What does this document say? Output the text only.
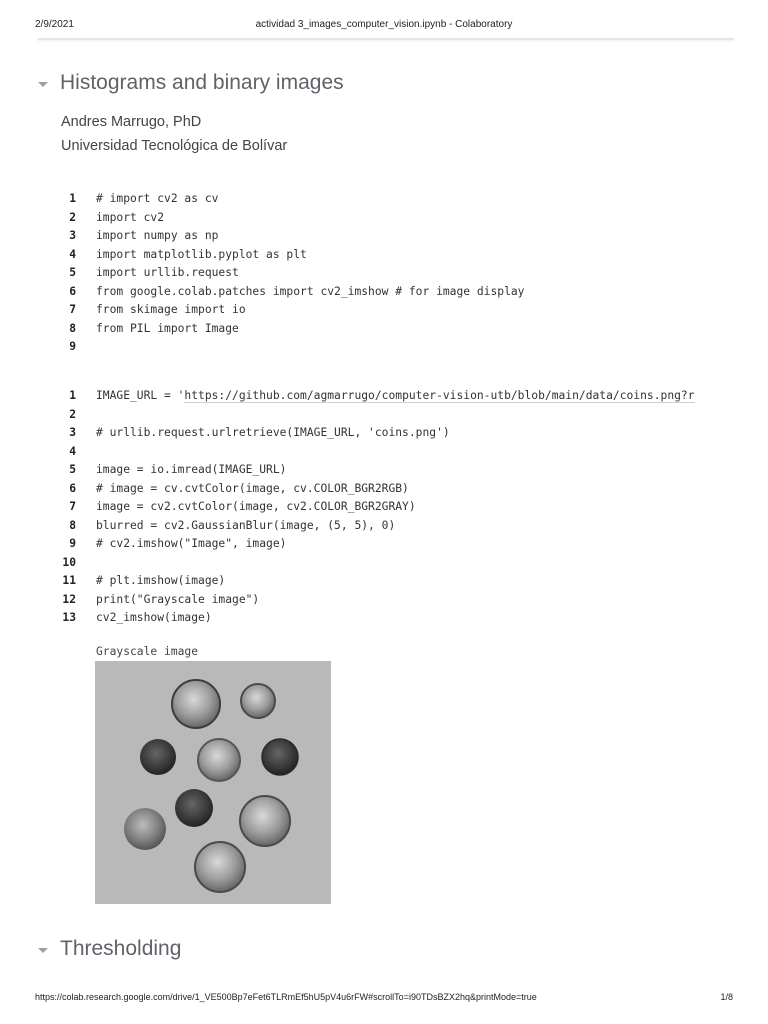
2/9/2021	actividad 3_images_computer_vision.ipynb - Colaboratory
Histograms and binary images
Andres Marrugo, PhD
Universidad Tecnológica de Bolívar
1 # import cv2 as cv
2 import cv2
3 import numpy as np
4 import matplotlib.pyplot as plt
5 import urllib.request
6 from google.colab.patches import cv2_imshow # for image display
7 from skimage import io
8 from PIL import Image
9
1 IMAGE_URL = 'https://github.com/agmarrugo/computer-vision-utb/blob/main/data/coins.png?r
2
3 # urllib.request.urlretrieve(IMAGE_URL, 'coins.png')
4
5 image = io.imread(IMAGE_URL)
6 # image = cv.cvtColor(image, cv.COLOR_BGR2RGB)
7 image = cv2.cvtColor(image, cv2.COLOR_BGR2GRAY)
8 blurred = cv2.GaussianBlur(image, (5, 5), 0)
9 # cv2.imshow("Image", image)
10
11 # plt.imshow(image)
12 print("Grayscale image")
13 cv2_imshow(image)
Grayscale image
Thresholding
https://colab.research.google.com/drive/1_VE500Bp7eFet6TLRmEf5hU5pV4u6rFW#scrollTo=i90TDsBZX2hq&printMode=true	1/8
